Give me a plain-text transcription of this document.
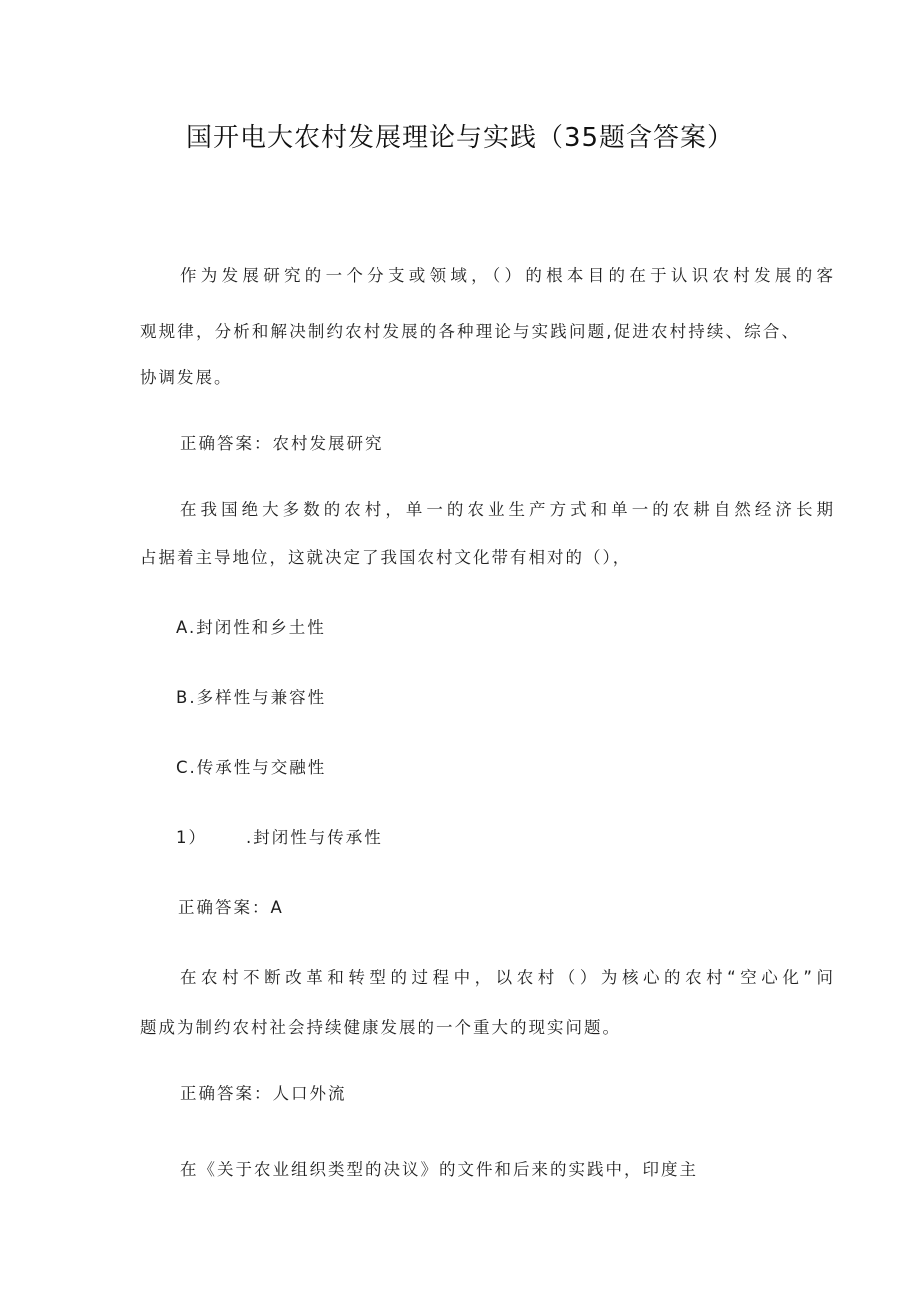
国开电大农村发展理论与实践（35题含答案）
作为发展研究的一个分支或领域，（）的根本目的在于认识农村发展的客
观规律，分析和解决制约农村发展的各种理论与实践问题,促进农村持续、综合、
协调发展。
正确答案：农村发展研究
在我国绝大多数的农村，单一的农业生产方式和单一的农耕自然经济长期
占据着主导地位，这就决定了我国农村文化带有相对的（），
A.封闭性和乡土性
B.多样性与兼容性
C.传承性与交融性
1） .封闭性与传承性
正确答案：A
在农村不断改革和转型的过程中，以农村（）为核心的农村“空心化”问
题成为制约农村社会持续健康发展的一个重大的现实问题。
正确答案：人口外流
在《关于农业组织类型的决议》的文件和后来的实践中，印度主
